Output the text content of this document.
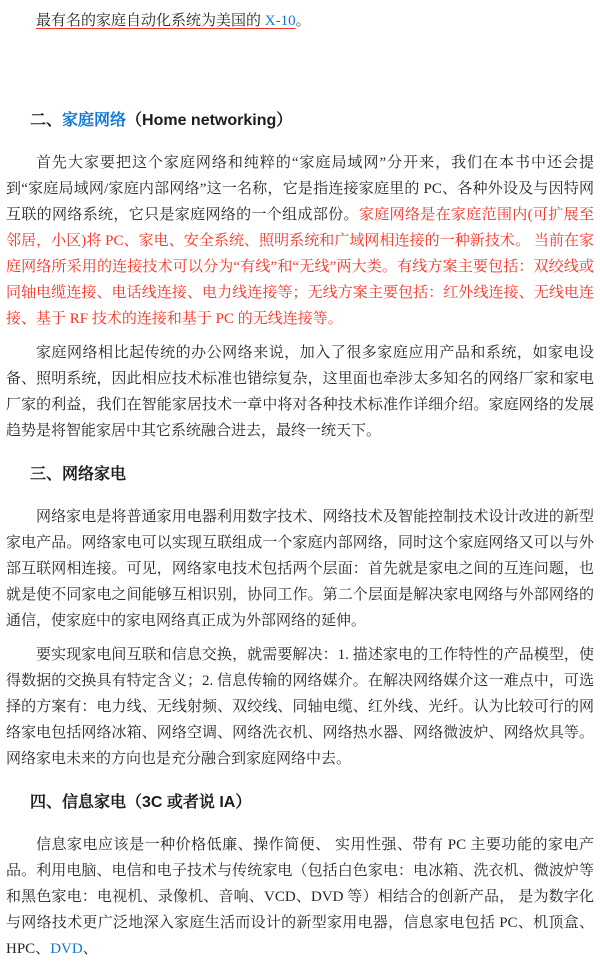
最有名的家庭自动化系统为美国的 X-10。

二、家庭网络（Home networking）

首先大家要把这个家庭网络和纯粹的“家庭局域网”分开来，我们在本书中还会提到“家庭局域网/家庭内部网络”这一名称，它是指连接家庭里的 PC、各种外设及与因特网互联的网络系统，它只是家庭网络的一个组成部份。家庭网络是在家庭范围内(可扩展至邻居，小区)将 PC、家电、安全系统、照明系统和广域网相连接的一种新技术。 当前在家庭网络所采用的连接技术可以分为“有线”和“无线”两大类。有线方案主要包括：双绞线或同轴电缆连接、电话线连接、电力线连接等；无线方案主要包括：红外线连接、无线电连接、基于 RF 技术的连接和基于 PC 的无线连接等。

家庭网络相比起传统的办公网络来说，加入了很多家庭应用产品和系统，如家电设备、照明系统，因此相应技术标准也错综复杂，这里面也牵涉太多知名的网络厂家和家电厂家的利益，我们在智能家居技术一章中将对各种技术标准作详细介绍。家庭网络的发展趋势是将智能家居中其它系统融合进去，最终一统天下。

三、网络家电

网络家电是将普通家用电器利用数字技术、网络技术及智能控制技术设计改进的新型家电产品。网络家电可以实现互联组成一个家庭内部网络，同时这个家庭网络又可以与外部互联网相连接。可见，网络家电技术包括两个层面：首先就是家电之间的互连问题，也就是使不同家电之间能够互相识别，协同工作。第二个层面是解决家电网络与外部网络的通信，使家庭中的家电网络真正成为外部网络的延伸。

要实现家电间互联和信息交换，就需要解决：1. 描述家电的工作特性的产品模型，使得数据的交换具有特定含义；2. 信息传输的网络媒介。在解决网络媒介这一难点中，可选择的方案有：电力线、无线射频、双绞线、同轴电缆、红外线、光纤。认为比较可行的网络家电包括网络冰箱、网络空调、网络洗衣机、网络热水器、网络微波炉、网络炊具等。网络家电未来的方向也是充分融合到家庭网络中去。

四、信息家电（3C 或者说 IA）

信息家电应该是一种价格低廉、操作简便、 实用性强、带有 PC 主要功能的家电产品。利用电脑、电信和电子技术与传统家电（包括白色家电：电冰箱、洗衣机、微波炉等和黑色家电：电视机、录像机、音响、VCD、DVD 等）相结合的创新产品， 是为数字化与网络技术更广泛地深入家庭生活而设计的新型家用电器，信息家电包括 PC、机顶盒、HPC、DVD、
